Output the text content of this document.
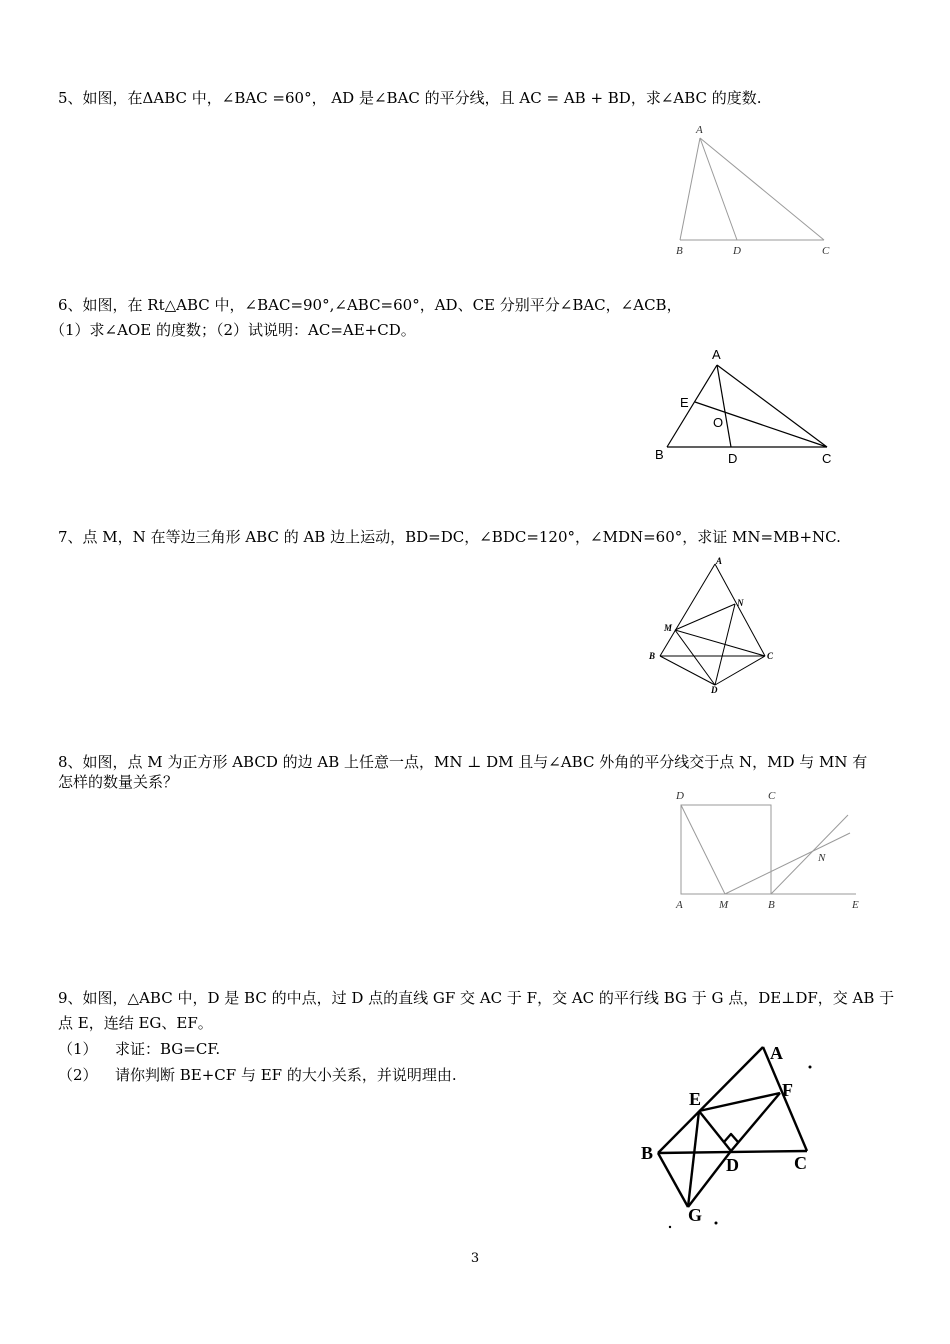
5、如图，在ΔABC 中，∠BAC =60°， AD 是∠BAC 的平分线，且 AC = AB + BD，求∠ABC 的度数.
A
B	D	C
6、如图，在 Rt△ABC 中，∠BAC=90°,∠ABC=60°，AD、CE 分别平分∠BAC，∠ACB，
（1）求∠AOE 的度数；（2）试说明：AC=AE+CD。
A
E
O
B	D	C
7、点 M，N 在等边三角形 ABC 的 AB 边上运动，BD=DC，∠BDC=120°，∠MDN=60°，求证 MN=MB+NC.
A
N
M
B	C
D
8、如图，点 M 为正方形 ABCD 的边 AB 上任意一点，MN ⊥ DM 且与∠ABC 外角的平分线交于点 N，MD 与 MN 有
怎样的数量关系？
D	C
N
A	M	B	E
9、如图，△ABC 中，D 是 BC 的中点，过 D 点的直线 GF 交 AC 于 F，交 AC 的平行线 BG 于 G 点，DE⊥DF，交 AB 于
点 E，连结 EG、EF。
（1） 求证：BG=CF.
（2） 请你判断 BE+CF 与 EF 的大小关系，并说明理由.
A
E	F
B
D	C
G
3
